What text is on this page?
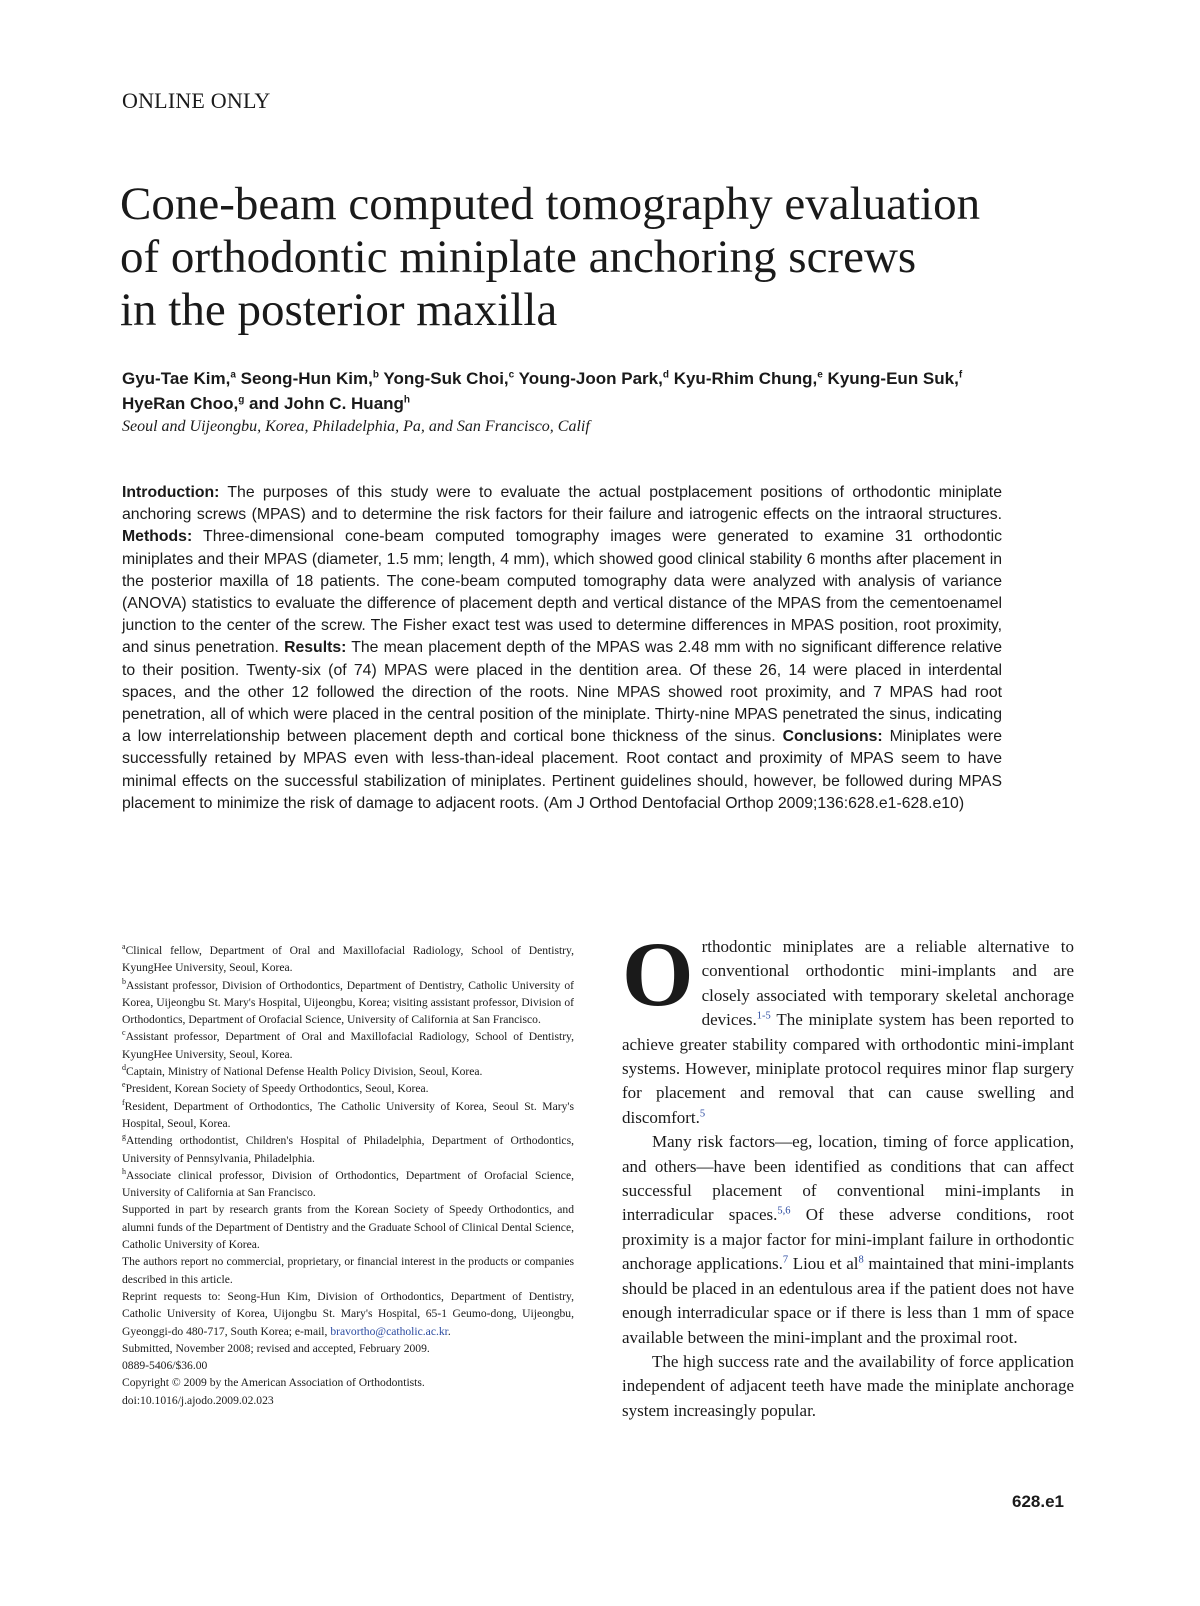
ONLINE ONLY
Cone-beam computed tomography evaluation
of orthodontic miniplate anchoring screws
in the posterior maxilla

Gyu-Tae Kim,$^a$ Seong-Hun Kim,$^b$ Yong-Suk Choi,$^c$ Young-Joon Park,$^d$ Kyu-Rhim Chung,$^e$ Kyung-Eun Suk,$^f$
HyeRan Choo,$^g$ and John C. Huang$^h$

Seoul and Uijeongbu, Korea, Philadelphia, Pa, and San Francisco, Calif

Introduction: The purposes of this study were to evaluate the actual postplacement positions of orthodontic miniplate anchoring screws (MPAS) and to determine the risk factors for their failure and iatrogenic effects on the intraoral structures. Methods: Three-dimensional cone-beam computed tomography images were generated to examine 31 orthodontic miniplates and their MPAS (diameter, 1.5 mm; length, 4 mm), which showed good clinical stability 6 months after placement in the posterior maxilla of 18 patients. The cone-beam computed tomography data were analyzed with analysis of variance (ANOVA) statistics to evaluate the difference of placement depth and vertical distance of the MPAS from the cementoenamel junction to the center of the screw. The Fisher exact test was used to determine differences in MPAS position, root proximity, and sinus penetration. Results: The mean placement depth of the MPAS was 2.48 mm with no significant difference relative to their position. Twenty-six (of 74) MPAS were placed in the dentition area. Of these 26, 14 were placed in interdental spaces, and the other 12 followed the direction of the roots. Nine MPAS showed root proximity, and 7 MPAS had root penetration, all of which were placed in the central position of the miniplate. Thirty-nine MPAS penetrated the sinus, indicating a low interrelationship between placement depth and cortical bone thickness of the sinus. Conclusions: Miniplates were successfully retained by MPAS even with less-than-ideal placement. Root contact and proximity of MPAS seem to have minimal effects on the successful stabilization of miniplates. Pertinent guidelines should, however, be followed during MPAS placement to minimize the risk of damage to adjacent roots. (Am J Orthod Dentofacial Orthop 2009;136:628.e1-628.e10)

$^a$Clinical fellow, Department of Oral and Maxillofacial Radiology, School of Dentistry, KyungHee University, Seoul, Korea.

$^b$Assistant professor, Division of Orthodontics, Department of Dentistry, Catholic University of Korea, Uijeongbu St. Mary's Hospital, Uijeongbu, Korea; visiting assistant professor, Division of Orthodontics, Department of Orofacial Science, University of California at San Francisco.

$^c$Assistant professor, Department of Oral and Maxillofacial Radiology, School of Dentistry, KyungHee University, Seoul, Korea.

$^d$Captain, Ministry of National Defense Health Policy Division, Seoul, Korea.

$^e$President, Korean Society of Speedy Orthodontics, Seoul, Korea.

$^f$Resident, Department of Orthodontics, The Catholic University of Korea, Seoul St. Mary's Hospital, Seoul, Korea.

$^g$Attending orthodontist, Children's Hospital of Philadelphia, Department of Orthodontics, University of Pennsylvania, Philadelphia.

$^h$Associate clinical professor, Division of Orthodontics, Department of Orofacial Science, University of California at San Francisco.

Supported in part by research grants from the Korean Society of Speedy Orthodontics, and alumni funds of the Department of Dentistry and the Graduate School of Clinical Dental Science, Catholic University of Korea.

The authors report no commercial, proprietary, or financial interest in the products or companies described in this article.

Reprint requests to: Seong-Hun Kim, Division of Orthodontics, Department of Dentistry, Catholic University of Korea, Uijongbu St. Mary's Hospital, 65-1 Geumo-dong, Uijeongbu, Gyeonggi-do 480-717, South Korea; e-mail, bravortho@catholic.ac.kr.

Submitted, November 2008; revised and accepted, February 2009.

0889-5406/$36.00

Copyright © 2009 by the American Association of Orthodontists.

doi:10.1016/j.ajodo.2009.02.023

Orthodontic miniplates are a reliable alternative to conventional orthodontic mini-implants and are closely associated with temporary skeletal anchorage devices.$^{1-5}$ The miniplate system has been reported to achieve greater stability compared with orthodontic mini-implant systems. However, miniplate protocol requires minor flap surgery for placement and removal that can cause swelling and discomfort.$^5$

Many risk factors—eg, location, timing of force application, and others—have been identified as conditions that can affect successful placement of conventional mini-implants in interradicular spaces.$^{5,6}$ Of these adverse conditions, root proximity is a major factor for mini-implant failure in orthodontic anchorage applications.$^7$ Liou et $al^8$ maintained that mini-implants should be placed in an edentulous area if the patient does not have enough interradicular space or if there is less than 1 mm of space available between the mini-implant and the proximal root.

The high success rate and the availability of force application independent of adjacent teeth have made the miniplate anchorage system increasingly popular.

628.e1
